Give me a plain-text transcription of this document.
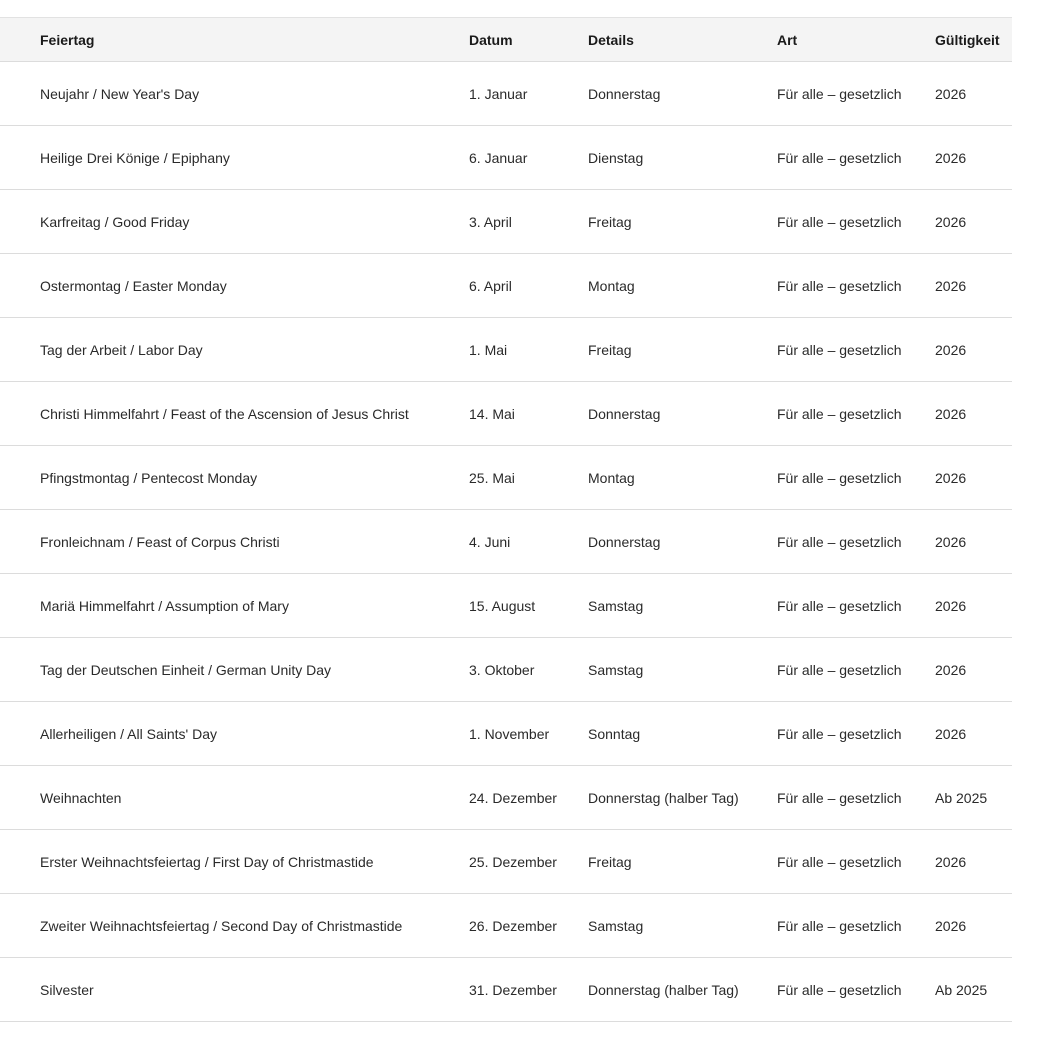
Feiertag	Datum	Details	Art	Gültigkeit
Neujahr / New Year's Day	1. Januar	Donnerstag	Für alle – gesetzlich	2026
Heilige Drei Könige / Epiphany	6. Januar	Dienstag	Für alle – gesetzlich	2026
Karfreitag / Good Friday	3. April	Freitag	Für alle – gesetzlich	2026
Ostermontag / Easter Monday	6. April	Montag	Für alle – gesetzlich	2026
Tag der Arbeit / Labor Day	1. Mai	Freitag	Für alle – gesetzlich	2026
Christi Himmelfahrt / Feast of the Ascension of Jesus Christ	14. Mai	Donnerstag	Für alle – gesetzlich	2026
Pfingstmontag / Pentecost Monday	25. Mai	Montag	Für alle – gesetzlich	2026
Fronleichnam / Feast of Corpus Christi	4. Juni	Donnerstag	Für alle – gesetzlich	2026
Mariä Himmelfahrt / Assumption of Mary	15. August	Samstag	Für alle – gesetzlich	2026
Tag der Deutschen Einheit / German Unity Day	3. Oktober	Samstag	Für alle – gesetzlich	2026
Allerheiligen / All Saints' Day	1. November	Sonntag	Für alle – gesetzlich	2026
Weihnachten	24. Dezember	Donnerstag (halber Tag)	Für alle – gesetzlich	Ab 2025
Erster Weihnachtsfeiertag / First Day of Christmastide	25. Dezember	Freitag	Für alle – gesetzlich	2026
Zweiter Weihnachtsfeiertag / Second Day of Christmastide	26. Dezember	Samstag	Für alle – gesetzlich	2026
Silvester	31. Dezember	Donnerstag (halber Tag)	Für alle – gesetzlich	Ab 2025
